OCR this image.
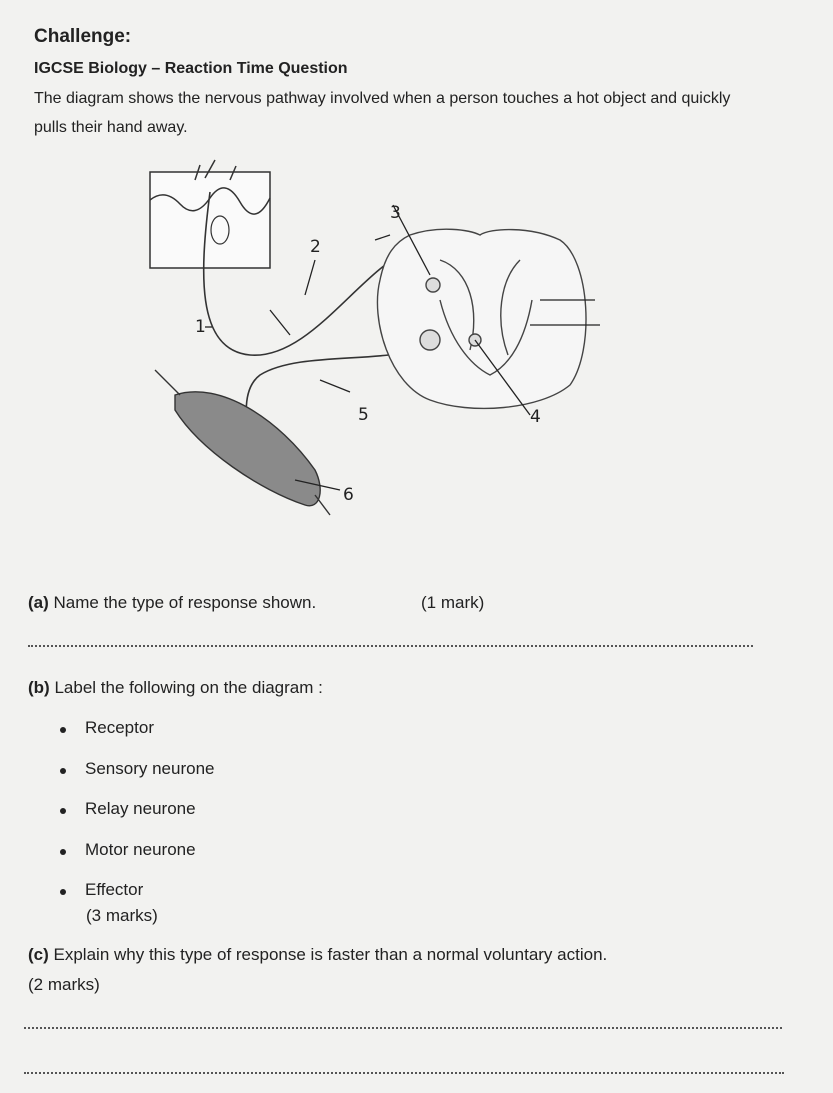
Challenge:
IGCSE Biology – Reaction Time Question
The diagram shows the nervous pathway involved when a person touches a hot object and quickly pulls their hand away.
1
2
3
4
5
6
(a) Name the type of response shown.	(1 mark)
(b) Label the following on the diagram :
Receptor
Sensory neurone
Relay neurone
Motor neurone
Effector
(3 marks)
(c) Explain why this type of response is faster than a normal voluntary action.
(2 marks)
